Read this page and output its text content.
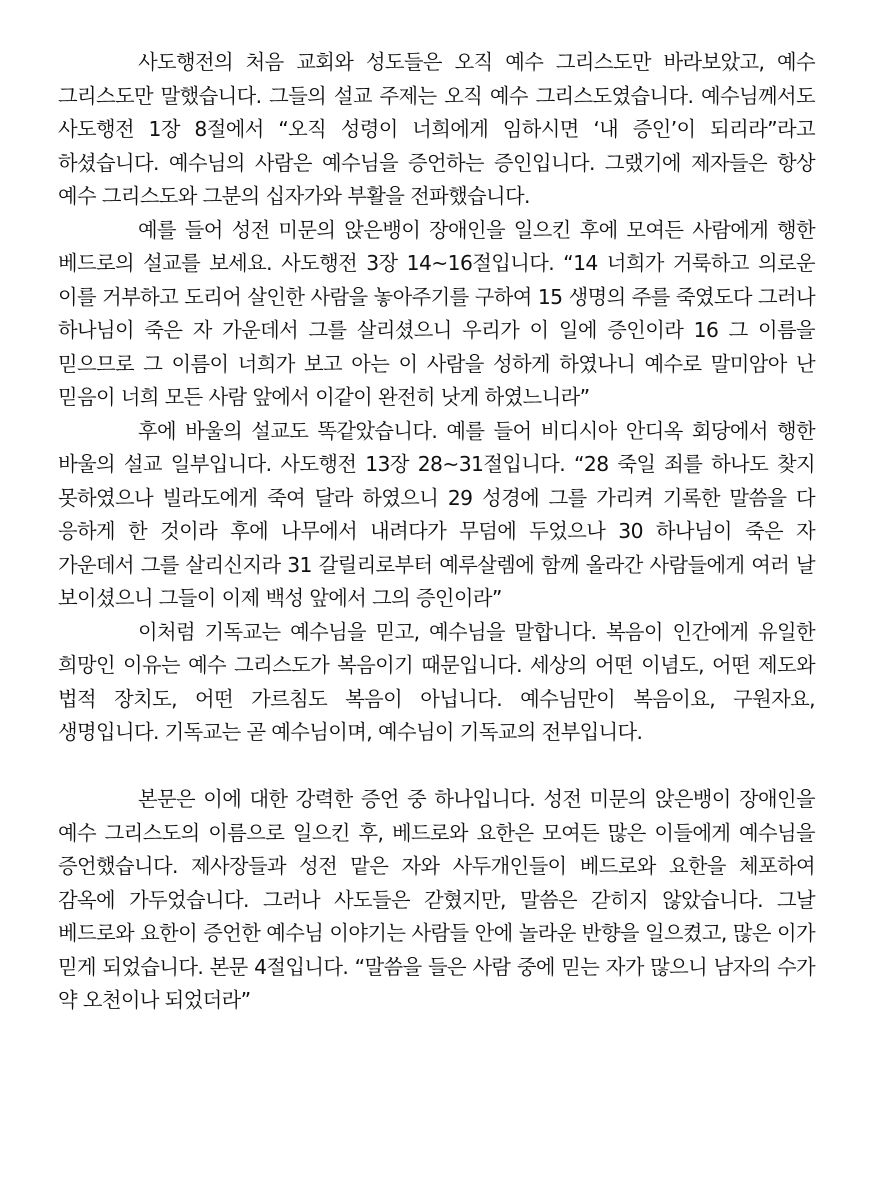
사도행전의 처음 교회와 성도들은 오직 예수 그리스도만 바라보았고, 예수 그리스도만 말했습니다. 그들의 설교 주제는 오직 예수 그리스도였습니다. 예수님께서도 사도행전 1장 8절에서 “오직 성령이 너희에게 임하시면 ‘내 증인’이 되리라”라고 하셨습니다. 예수님의 사람은 예수님을 증언하는 증인입니다. 그랬기에 제자들은 항상 예수 그리스도와 그분의 십자가와 부활을 전파했습니다.

예를 들어 성전 미문의 앉은뱅이 장애인을 일으킨 후에 모여든 사람에게 행한 베드로의 설교를 보세요. 사도행전 3장 14~16절입니다. “14 너희가 거룩하고 의로운 이를 거부하고 도리어 살인한 사람을 놓아주기를 구하여 15 생명의 주를 죽였도다 그러나 하나님이 죽은 자 가운데서 그를 살리셨으니 우리가 이 일에 증인이라 16 그 이름을 믿으므로 그 이름이 너희가 보고 아는 이 사람을 성하게 하였나니 예수로 말미암아 난 믿음이 너희 모든 사람 앞에서 이같이 완전히 낫게 하였느니라”

후에 바울의 설교도 똑같았습니다. 예를 들어 비디시아 안디옥 회당에서 행한 바울의 설교 일부입니다. 사도행전 13장 28~31절입니다. “28 죽일 죄를 하나도 찾지 못하였으나 빌라도에게 죽여 달라 하였으니 29 성경에 그를 가리켜 기록한 말씀을 다 응하게 한 것이라 후에 나무에서 내려다가 무덤에 두었으나 30 하나님이 죽은 자 가운데서 그를 살리신지라 31 갈릴리로부터 예루살렘에 함께 올라간 사람들에게 여러 날 보이셨으니 그들이 이제 백성 앞에서 그의 증인이라”

이처럼 기독교는 예수님을 믿고, 예수님을 말합니다. 복음이 인간에게 유일한 희망인 이유는 예수 그리스도가 복음이기 때문입니다. 세상의 어떤 이념도, 어떤 제도와 법적 장치도, 어떤 가르침도 복음이 아닙니다. 예수님만이 복음이요, 구원자요, 생명입니다. 기독교는 곧 예수님이며, 예수님이 기독교의 전부입니다.

본문은 이에 대한 강력한 증언 중 하나입니다. 성전 미문의 앉은뱅이 장애인을 예수 그리스도의 이름으로 일으킨 후, 베드로와 요한은 모여든 많은 이들에게 예수님을 증언했습니다. 제사장들과 성전 맡은 자와 사두개인들이 베드로와 요한을 체포하여 감옥에 가두었습니다. 그러나 사도들은 갇혔지만, 말씀은 갇히지 않았습니다. 그날 베드로와 요한이 증언한 예수님 이야기는 사람들 안에 놀라운 반향을 일으켰고, 많은 이가 믿게 되었습니다. 본문 4절입니다. “말씀을 들은 사람 중에 믿는 자가 많으니 남자의 수가 약 오천이나 되었더라”
